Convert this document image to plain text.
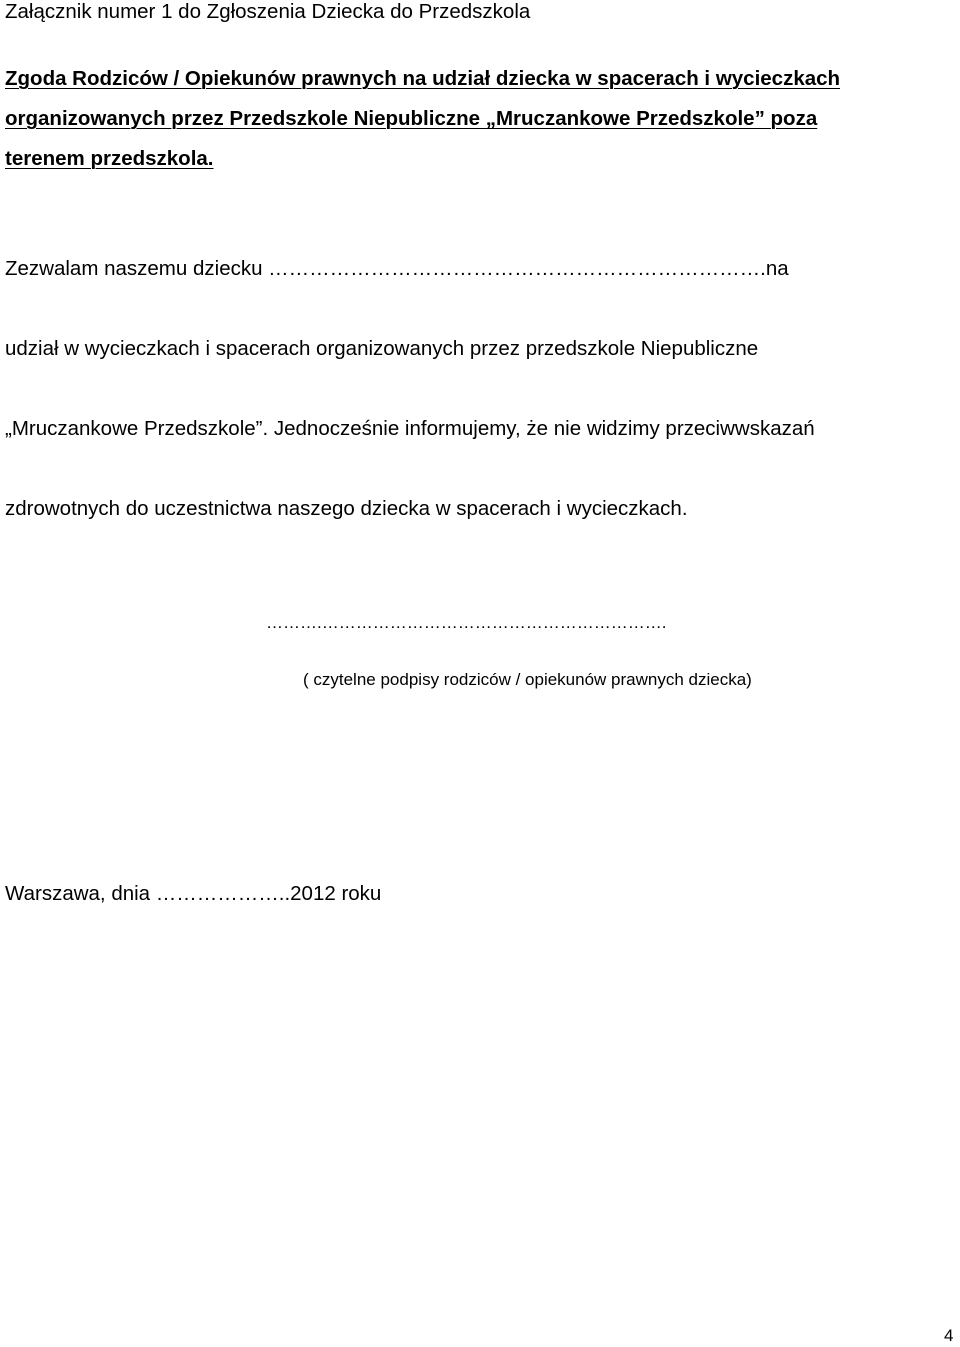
Załącznik numer 1 do Zgłoszenia Dziecka do Przedszkola
Zgoda Rodziców / Opiekunów prawnych na udział dziecka w spacerach i wycieczkach
organizowanych przez Przedszkole Niepubliczne „Mruczankowe Przedszkole” poza
terenem przedszkola.
Zezwalam naszemu dziecku ……………………………………………………………….na
udział w wycieczkach i spacerach organizowanych przez przedszkole Niepubliczne
„Mruczankowe Przedszkole”. Jednocześnie informujemy, że nie widzimy przeciwwskazań
zdrowotnych do uczestnictwa naszego dziecka w spacerach i wycieczkach.
……….…………………………………………………….
( czytelne podpisy rodziców / opiekunów prawnych dziecka)
Warszawa, dnia ………………..2012 roku
4
